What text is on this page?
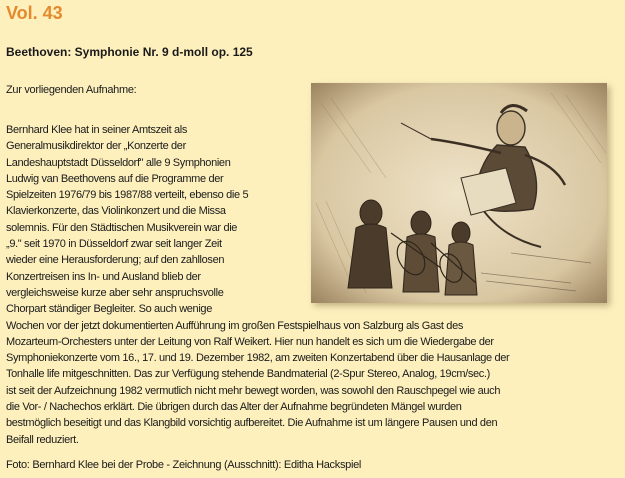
Vol. 43
Beethoven: Symphonie Nr. 9 d-moll op. 125
Zur vorliegenden Aufnahme:
Bernhard Klee hat in seiner Amtszeit als
Generalmusikdirektor der „Konzerte der
Landeshauptstadt Düsseldorf" alle 9 Symphonien
Ludwig van Beethovens auf die Programme der
Spielzeiten 1976/79 bis 1987/88 verteilt, ebenso die 5
Klavierkonzerte, das Violinkonzert und die Missa
solemnis. Für den Städtischen Musikverein war die
„9." seit 1970 in Düsseldorf zwar seit langer Zeit
wieder eine Herausforderung; auf den zahllosen
Konzertreisen ins In- und Ausland blieb der
vergleichsweise kurze aber sehr anspruchsvolle
Chorpart ständiger Begleiter. So auch wenige
Wochen vor der jetzt dokumentierten Aufführung im großen Festspielhaus von Salzburg als Gast des
Mozarteum-Orchesters unter der Leitung von Ralf Weikert. Hier nun handelt es sich um die Wiedergabe der
Symphoniekonzerte vom 16., 17. und 19. Dezember 1982, am zweiten Konzertabend über die Hausanlage der
Tonhalle life mitgeschnitten. Das zur Verfügung stehende Bandmaterial (2-Spur Stereo, Analog, 19cm/sec.)
ist seit der Aufzeichnung 1982 vermutlich nicht mehr bewegt worden, was sowohl den Rauschpegel wie auch
die Vor- / Nachechos erklärt. Die übrigen durch das Alter der Aufnahme begründeten Mängel wurden
bestmöglich beseitigt und das Klangbild vorsichtig aufbereitet. Die Aufnahme ist um längere Pausen und den
Beifall reduziert.
Foto: Bernhard Klee bei der Probe - Zeichnung (Ausschnitt): Editha Hackspiel
